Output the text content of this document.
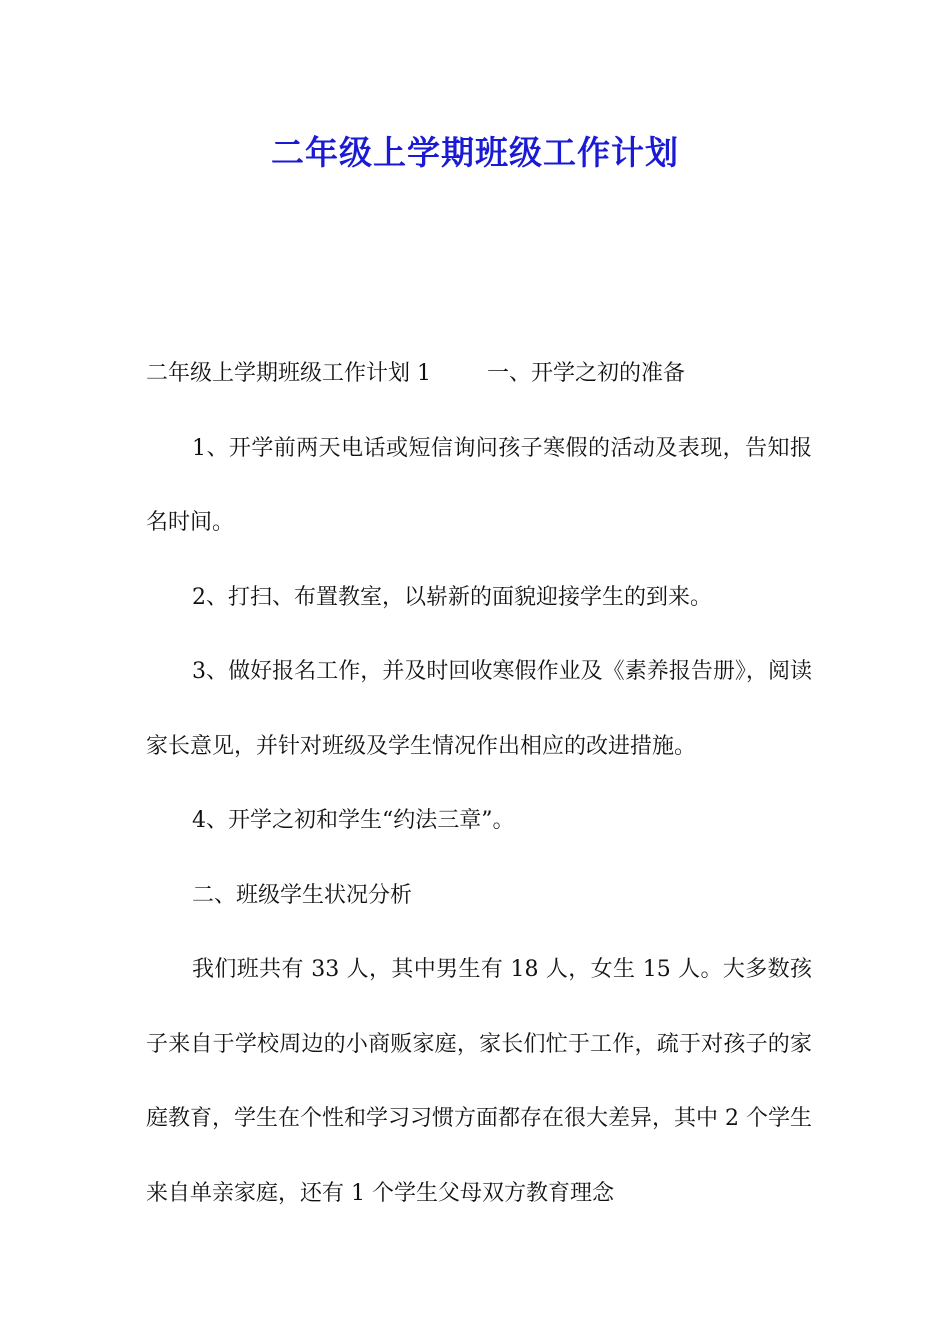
二年级上学期班级工作计划

二年级上学期班级工作计划 1	一、开学之初的准备

1、开学前两天电话或短信询问孩子寒假的活动及表现，告知报名时间。

2、打扫、布置教室，以崭新的面貌迎接学生的到来。

3、做好报名工作，并及时回收寒假作业及《素养报告册》，阅读家长意见，并针对班级及学生情况作出相应的改进措施。

4、开学之初和学生“约法三章”。

二、班级学生状况分析

我们班共有 33 人，其中男生有 18 人，女生 15 人。大多数孩子来自于学校周边的小商贩家庭，家长们忙于工作，疏于对孩子的家庭教育，学生在个性和学习习惯方面都存在很大差异，其中 2 个学生来自单亲家庭，还有 1 个学生父母双方教育理念
